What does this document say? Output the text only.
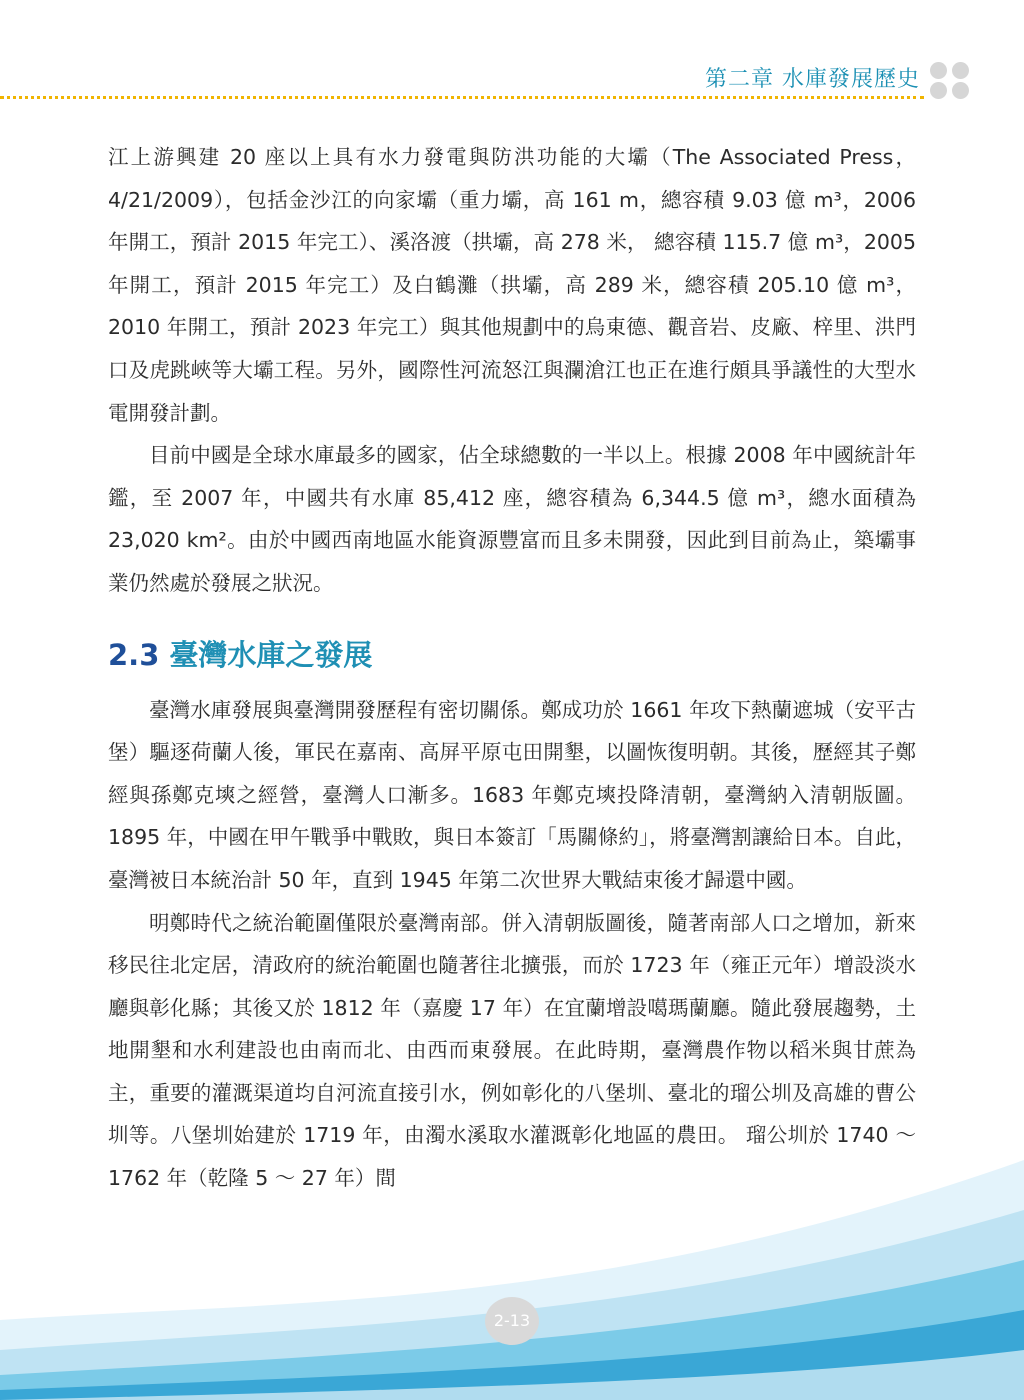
第二章 水庫發展歷史

江上游興建 20 座以上具有水力發電與防洪功能的大壩（The Associated Press，4/21/2009），包括金沙江的向家壩（重力壩，高 161 m，總容積 9.03 億 m³，2006 年開工，預計 2015 年完工）、溪洛渡（拱壩，高 278 米， 總容積 115.7 億 m³，2005 年開工，預計 2015 年完工）及白鶴灘（拱壩，高 289 米，總容積 205.10 億 m³，2010 年開工，預計 2023 年完工）與其他規劃中的烏東德、觀音岩、皮廠、梓里、洪門口及虎跳峽等大壩工程。另外，國際性河流怒江與瀾滄江也正在進行頗具爭議性的大型水電開發計劃。

目前中國是全球水庫最多的國家，佔全球總數的一半以上。根據 2008 年中國統計年鑑，至 2007 年，中國共有水庫 85,412 座，總容積為 6,344.5 億 m³，總水面積為 23,020 km²。由於中國西南地區水能資源豐富而且多未開發，因此到目前為止，築壩事業仍然處於發展之狀況。

2.3 臺灣水庫之發展

臺灣水庫發展與臺灣開發歷程有密切關係。鄭成功於 1661 年攻下熱蘭遮城（安平古堡）驅逐荷蘭人後，軍民在嘉南、高屏平原屯田開墾，以圖恢復明朝。其後，歷經其子鄭經與孫鄭克塽之經營，臺灣人口漸多。1683 年鄭克塽投降清朝，臺灣納入清朝版圖。1895 年，中國在甲午戰爭中戰敗，與日本簽訂「馬關條約」，將臺灣割讓給日本。自此，臺灣被日本統治計 50 年，直到 1945 年第二次世界大戰結束後才歸還中國。

明鄭時代之統治範圍僅限於臺灣南部。併入清朝版圖後，隨著南部人口之增加，新來移民往北定居，清政府的統治範圍也隨著往北擴張，而於 1723 年（雍正元年）增設淡水廳與彰化縣；其後又於 1812 年（嘉慶 17 年）在宜蘭增設噶瑪蘭廳。隨此發展趨勢，土地開墾和水利建設也由南而北、由西而東發展。在此時期，臺灣農作物以稻米與甘蔗為主，重要的灌溉渠道均自河流直接引水，例如彰化的八堡圳、臺北的瑠公圳及高雄的曹公圳等。八堡圳始建於 1719 年，由濁水溪取水灌溉彰化地區的農田。 瑠公圳於 1740 ～ 1762 年（乾隆 5 ～ 27 年）間

2-13
